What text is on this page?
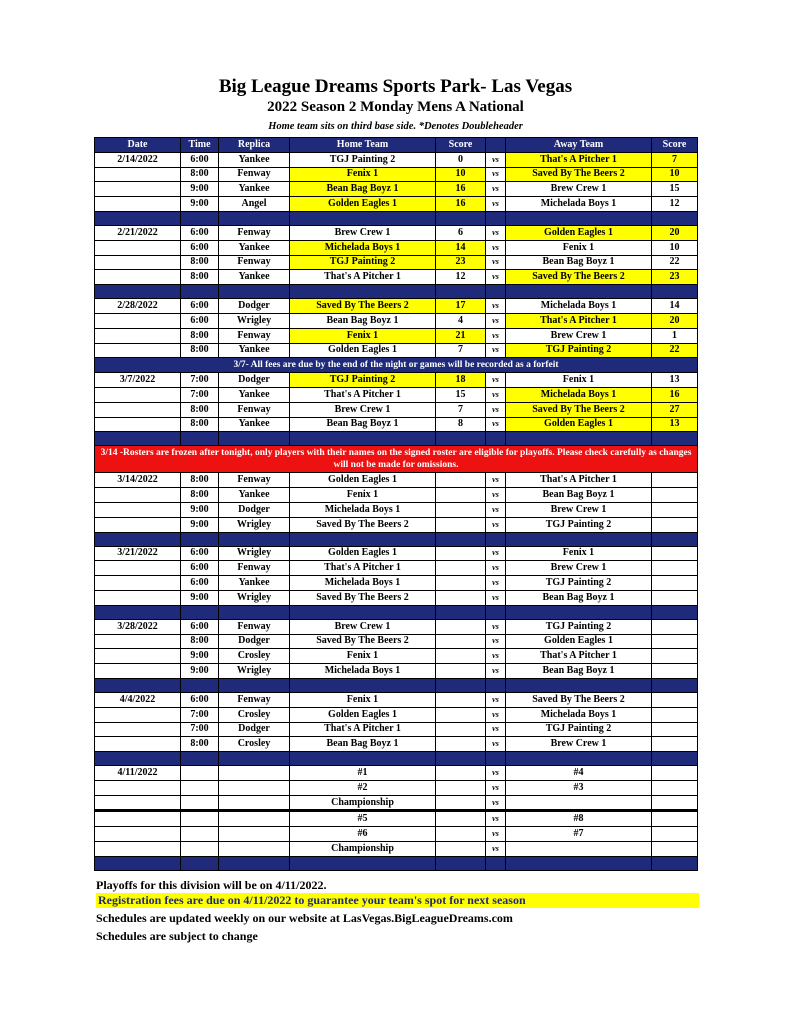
Big League Dreams Sports Park- Las Vegas
2022 Season 2 Monday Mens A National
Home team sits on third base side. *Denotes Doubleheader
Date	Time	Replica	Home Team	Score		Away Team	Score
2/14/2022	6:00	Yankee	TGJ Painting 2	0	vs	That's A Pitcher 1	7
	8:00	Fenway	Fenix 1	10	vs	Saved By The Beers 2	10
	9:00	Yankee	Bean Bag Boyz 1	16	vs	Brew Crew 1	15
	9:00	Angel	Golden Eagles 1	16	vs	Michelada Boys 1	12

2/21/2022	6:00	Fenway	Brew Crew 1	6	vs	Golden Eagles 1	20
	6:00	Yankee	Michelada Boys 1	14	vs	Fenix 1	10
	8:00	Fenway	TGJ Painting 2	23	vs	Bean Bag Boyz 1	22
	8:00	Yankee	That's A Pitcher 1	12	vs	Saved By The Beers 2	23

2/28/2022	6:00	Dodger	Saved By The Beers 2	17	vs	Michelada Boys 1	14
	6:00	Wrigley	Bean Bag Boyz 1	4	vs	That's A Pitcher 1	20
	8:00	Fenway	Fenix 1	21	vs	Brew Crew 1	1
	8:00	Yankee	Golden Eagles 1	7	vs	TGJ Painting 2	22
3/7- All fees are due by the end of the night or games will be recorded as a forfeit							
3/7/2022	7:00	Dodger	TGJ Painting 2	18	vs	Fenix 1	13
	7:00	Yankee	That's A Pitcher 1	15	vs	Michelada Boys 1	16
	8:00	Fenway	Brew Crew 1	7	vs	Saved By The Beers 2	27
	8:00	Yankee	Bean Bag Boyz 1	8	vs	Golden Eagles 1	13

3/14 -Rosters are frozen after tonight, only players with their names on the signed roster are eligible for playoffs. Please check carefully as changes will not be made for omissions.							
3/14/2022	8:00	Fenway	Golden Eagles 1		vs	That's A Pitcher 1	
	8:00	Yankee	Fenix 1		vs	Bean Bag Boyz 1	
	9:00	Dodger	Michelada Boys 1		vs	Brew Crew 1	
	9:00	Wrigley	Saved By The Beers 2		vs	TGJ Painting 2	

3/21/2022	6:00	Wrigley	Golden Eagles 1		vs	Fenix 1	
	6:00	Fenway	That's A Pitcher 1		vs	Brew Crew 1	
	6:00	Yankee	Michelada Boys 1		vs	TGJ Painting 2	
	9:00	Wrigley	Saved By The Beers 2		vs	Bean Bag Boyz 1	

3/28/2022	6:00	Fenway	Brew Crew 1		vs	TGJ Painting 2	
	8:00	Dodger	Saved By The Beers 2		vs	Golden Eagles 1	
	9:00	Crosley	Fenix 1		vs	That's A Pitcher 1	
	9:00	Wrigley	Michelada Boys 1		vs	Bean Bag Boyz 1	

4/4/2022	6:00	Fenway	Fenix 1		vs	Saved By The Beers 2	
	7:00	Crosley	Golden Eagles 1		vs	Michelada Boys 1	
	7:00	Dodger	That's A Pitcher 1		vs	TGJ Painting 2	
	8:00	Crosley	Bean Bag Boyz 1		vs	Brew Crew 1	

4/11/2022			#1		vs	#4	
			#2		vs	#3	
			Championship		vs		
			#5		vs	#8	
			#6		vs	#7	
			Championship		vs		

Playoffs for this division will be on 4/11/2022.
Registration fees are due on 4/11/2022 to guarantee your team's spot for next season
Schedules are updated weekly on our website at LasVegas.BigLeagueDreams.com
Schedules are subject to change
